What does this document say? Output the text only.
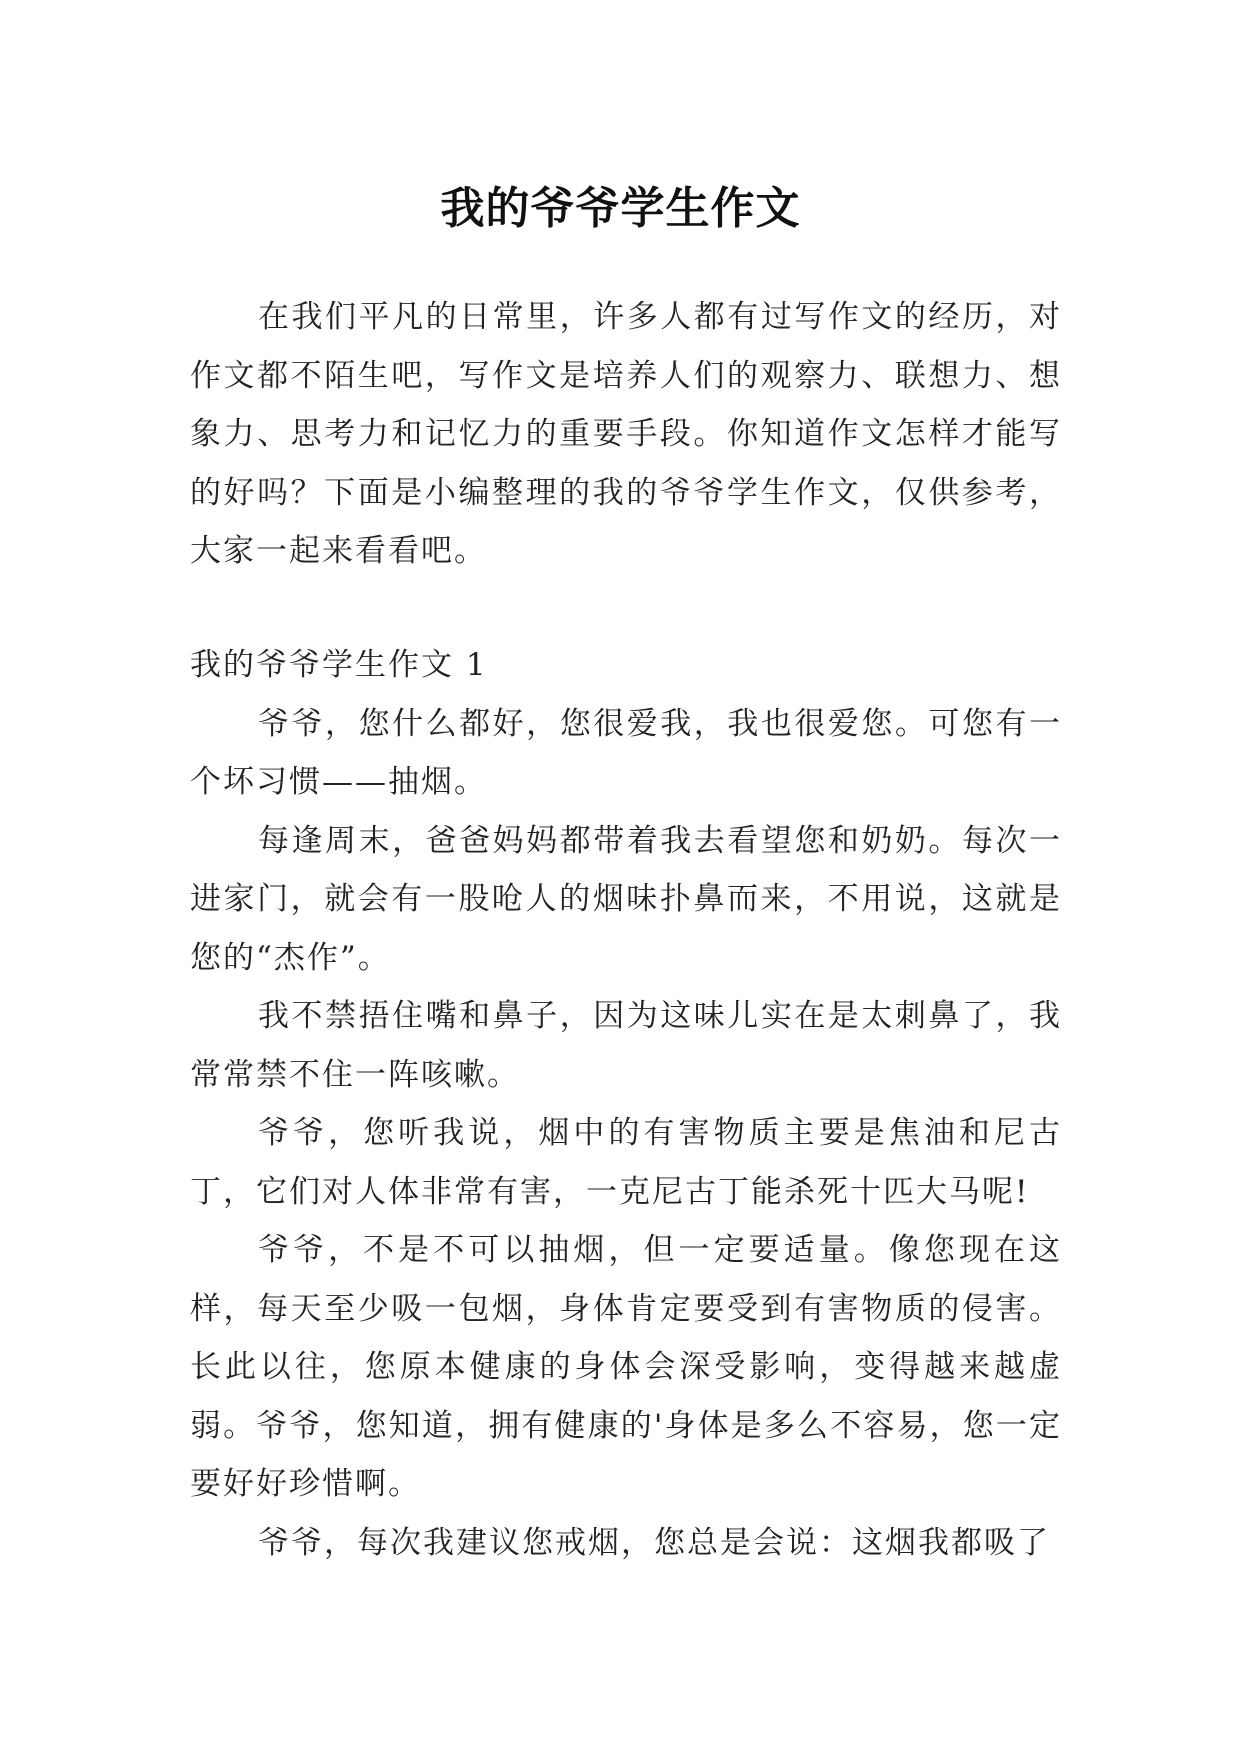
我的爷爷学生作文

在我们平凡的日常里，许多人都有过写作文的经历，对作文都不陌生吧，写作文是培养人们的观察力、联想力、想象力、思考力和记忆力的重要手段。你知道作文怎样才能写的好吗？下面是小编整理的我的爷爷学生作文，仅供参考，大家一起来看看吧。

我的爷爷学生作文 1

爷爷，您什么都好，您很爱我，我也很爱您。可您有一个坏习惯——抽烟。

每逢周末，爸爸妈妈都带着我去看望您和奶奶。每次一进家门，就会有一股呛人的烟味扑鼻而来，不用说，这就是您的“杰作”。

我不禁捂住嘴和鼻子，因为这味儿实在是太刺鼻了，我常常禁不住一阵咳嗽。

爷爷，您听我说，烟中的有害物质主要是焦油和尼古丁，它们对人体非常有害，一克尼古丁能杀死十匹大马呢!

爷爷，不是不可以抽烟，但一定要适量。像您现在这样，每天至少吸一包烟，身体肯定要受到有害物质的侵害。长此以往，您原本健康的身体会深受影响，变得越来越虚弱。爷爷，您知道，拥有健康的'身体是多么不容易，您一定要好好珍惜啊。

爷爷，每次我建议您戒烟，您总是会说：这烟我都吸了
